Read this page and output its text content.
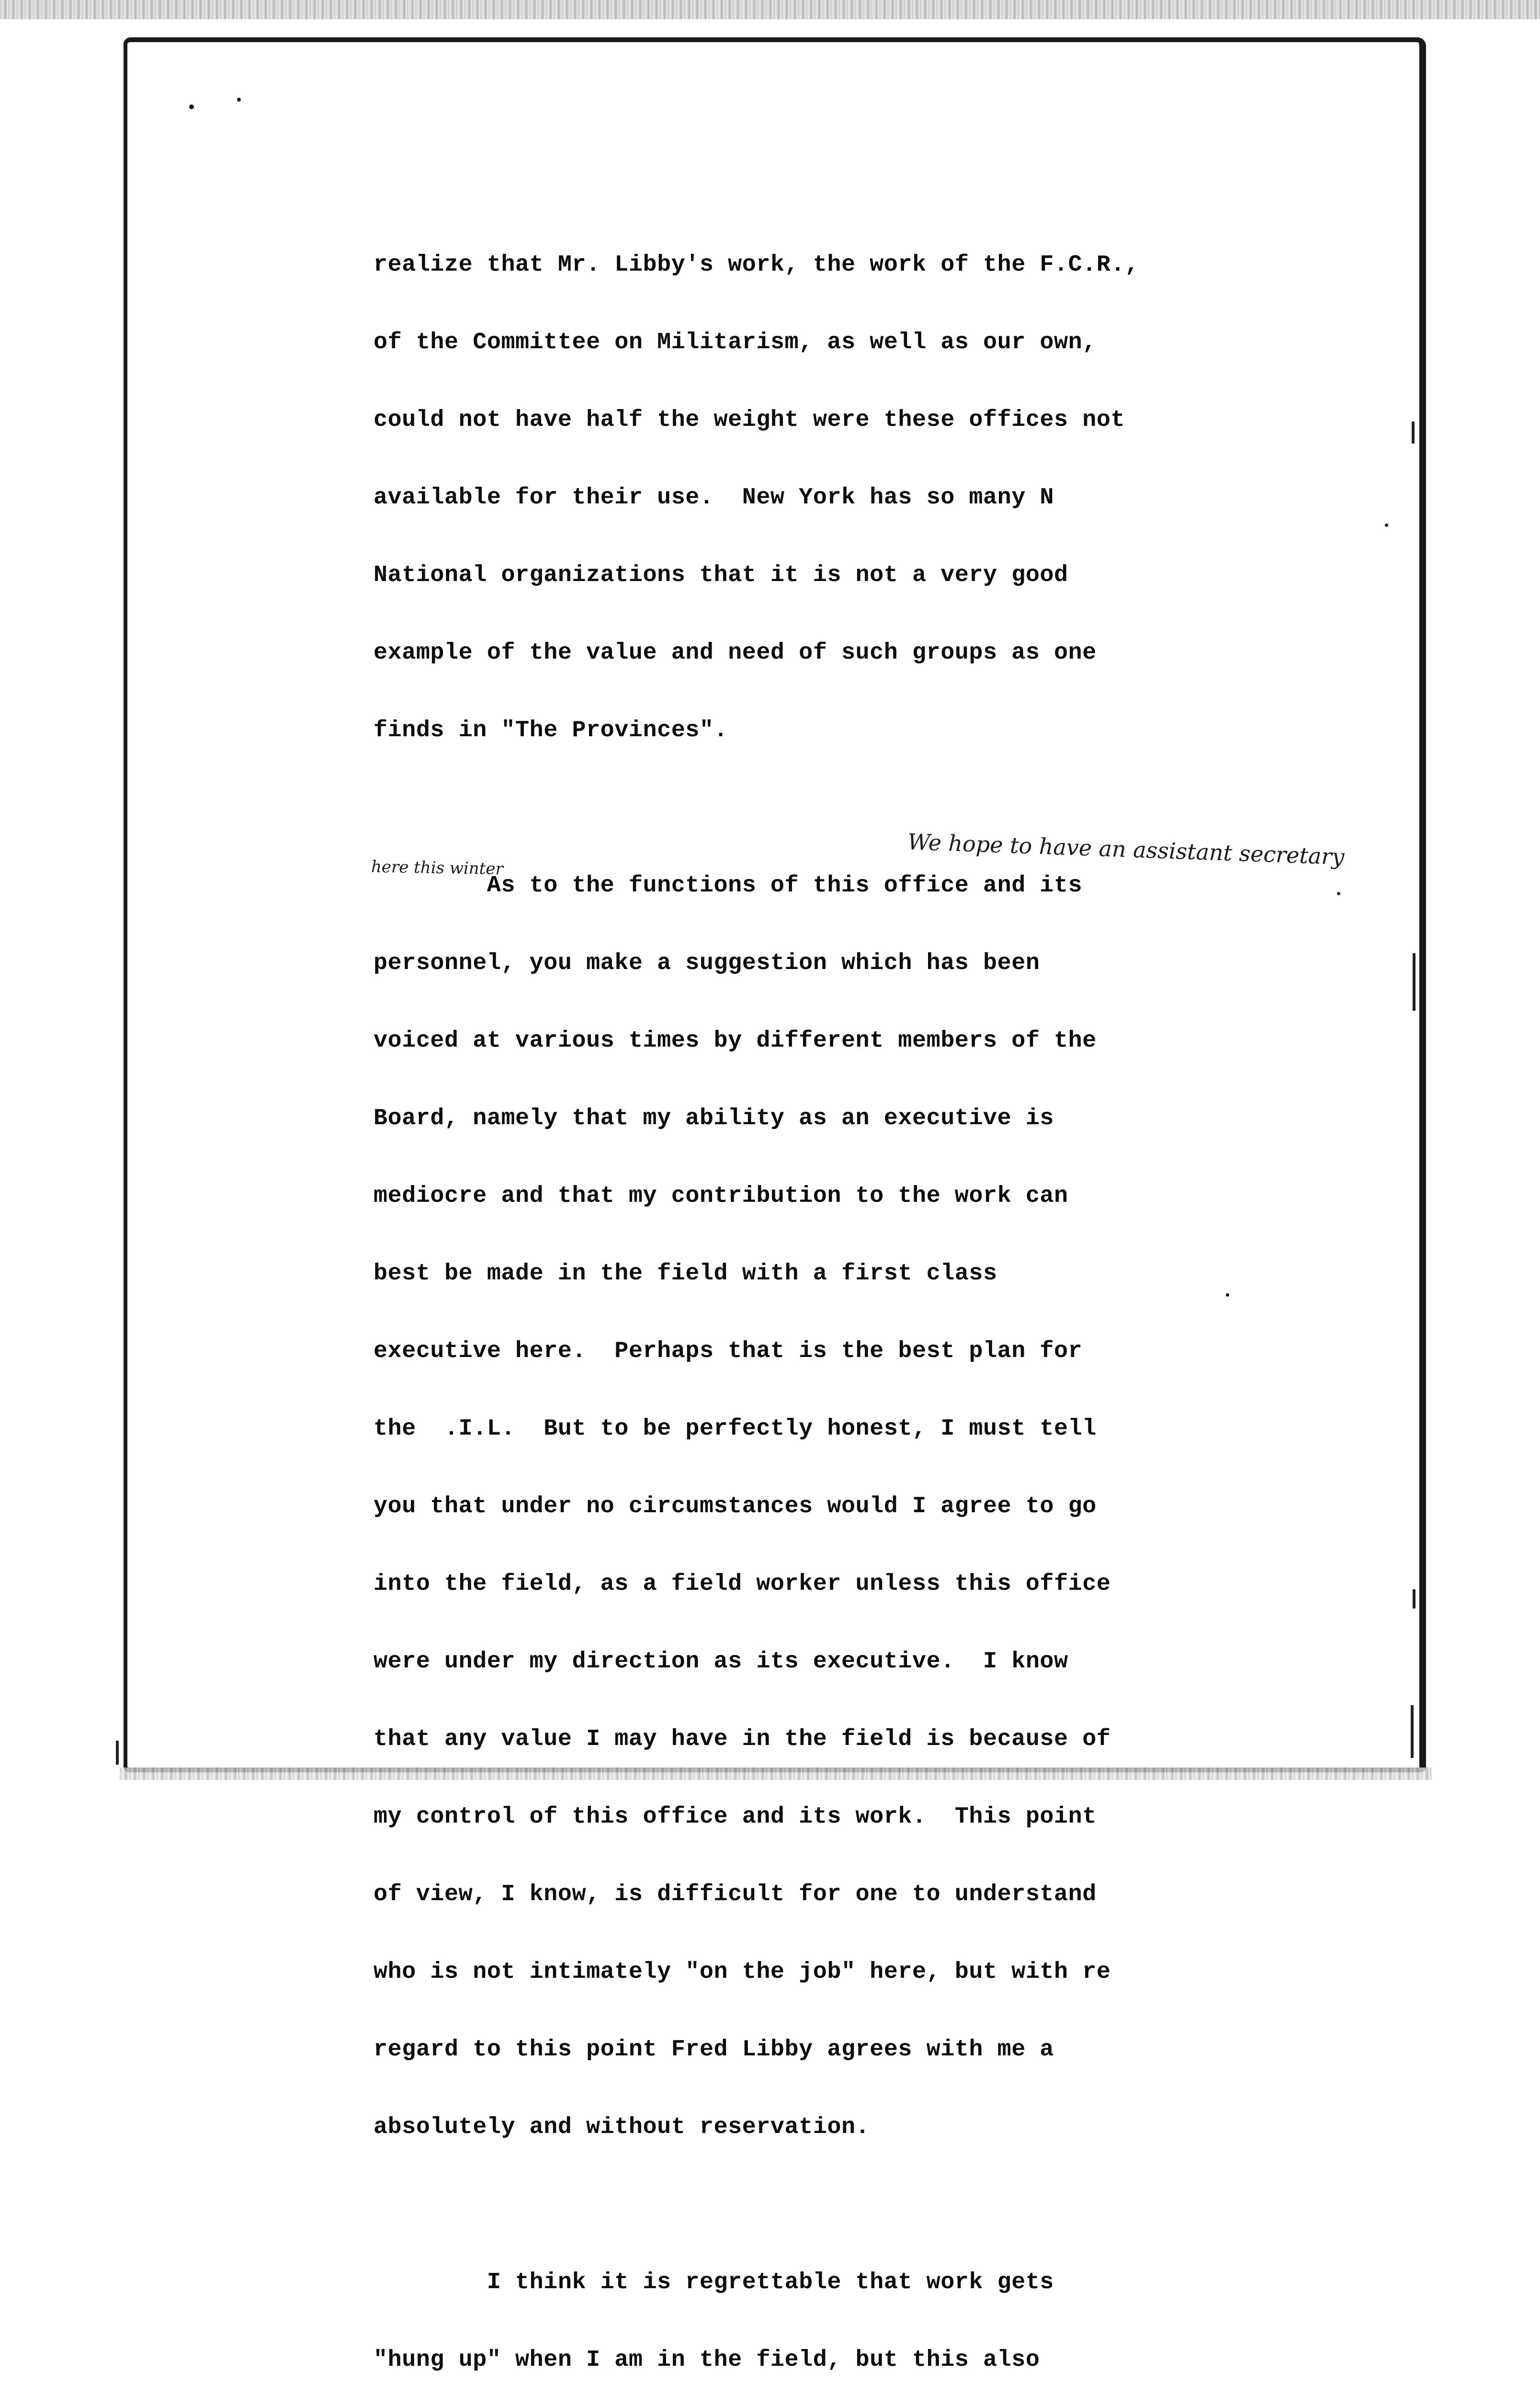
realize that Mr. Libby's work, the work of the F.C.R.,

of the Committee on Militarism, as well as our own,

could not have half the weight were these offices not

available for their use.  New York has so many N

National organizations that it is not a very good

example of the value and need of such groups as one

finds in "The Provinces".

As to the functions of this office and its

personnel, you make a suggestion which has been

voiced at various times by different members of the

Board, namely that my ability as an executive is

mediocre and that my contribution to the work can

best be made in the field with a first class

executive here.  Perhaps that is the best plan for

the  .I.L.  But to be perfectly honest, I must tell

you that under no circumstances would I agree to go

into the field, as a field worker unless this office

were under my direction as its executive.  I know

that any value I may have in the field is because of

my control of this office and its work.  This point

of view, I know, is difficult for one to understand

who is not intimately "on the job" here, but with re

regard to this point Fred Libby agrees with me a

absolutely and without reservation.

I think it is regrettable that work gets

"hung up" when I am in the field, but this also

We hope to have an assistant secretary
here this winter
